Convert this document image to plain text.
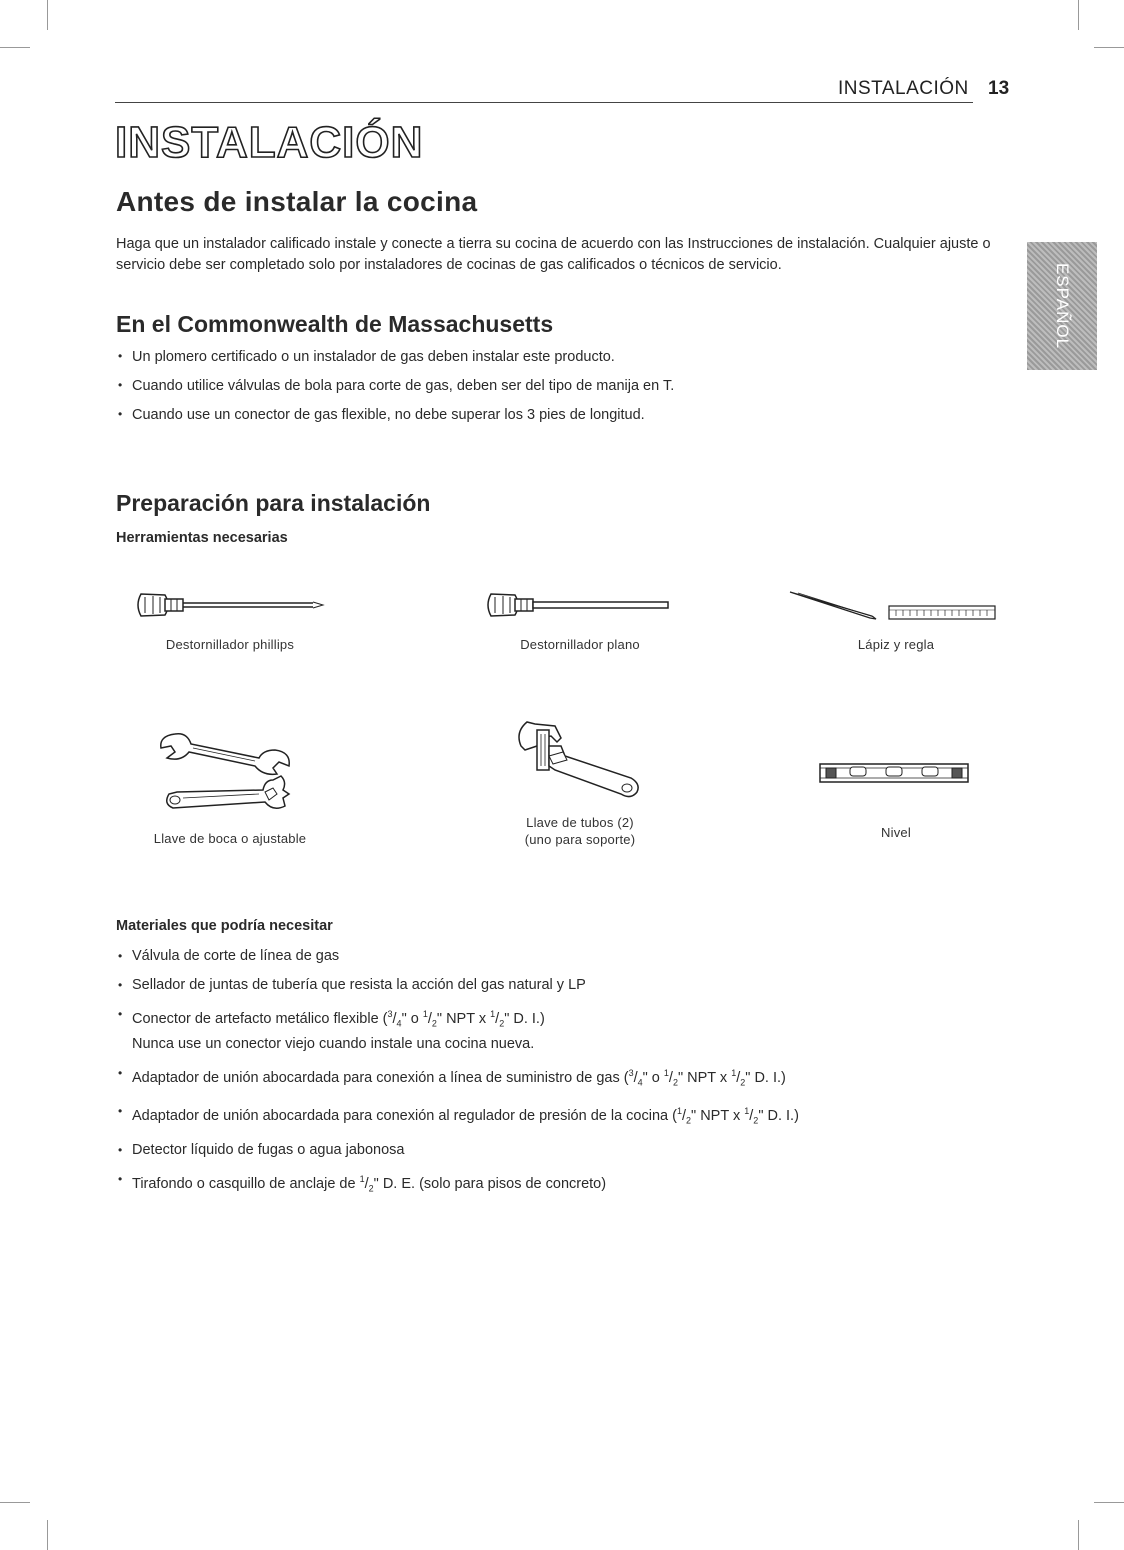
INSTALACIÓN 13
ESPAÑOL
INSTALACIÓN
Antes de instalar la cocina
Haga que un instalador calificado instale y conecte a tierra su cocina de acuerdo con las Instrucciones de instalación. Cualquier ajuste o servicio debe ser completado solo por instaladores de cocinas de gas calificados o técnicos de servicio.
En el Commonwealth de Massachusetts
• Un plomero certificado o un instalador de gas deben instalar este producto.
• Cuando utilice válvulas de bola para corte de gas, deben ser del tipo de manija en T.
• Cuando use un conector de gas flexible, no debe superar los 3 pies de longitud.
Preparación para instalación
Herramientas necesarias
Destornillador phillips	Destornillador plano	Lápiz y regla
Llave de boca o ajustable
Llave de tubos (2)
(uno para soporte)	Nivel
Materiales que podría necesitar
• Válvula de corte de línea de gas
• Sellador de juntas de tubería que resista la acción del gas natural y LP
• Conector de artefacto metálico flexible ($^3/_4$" o $^1/_2$" NPT x $^1/_2$" D. I.)
Nunca use un conector viejo cuando instale una cocina nueva.
• Adaptador de unión abocardada para conexión a línea de suministro de gas ($^3/_4$" o $^1/_2$" NPT x $^1/_2$" D. I.)
• Adaptador de unión abocardada para conexión al regulador de presión de la cocina ($^1/_2$" NPT x $^1/_2$" D. I.)
• Detector líquido de fugas o agua jabonosa
• Tirafondo o casquillo de anclaje de $^1/_2$" D. E. (solo para pisos de concreto)
